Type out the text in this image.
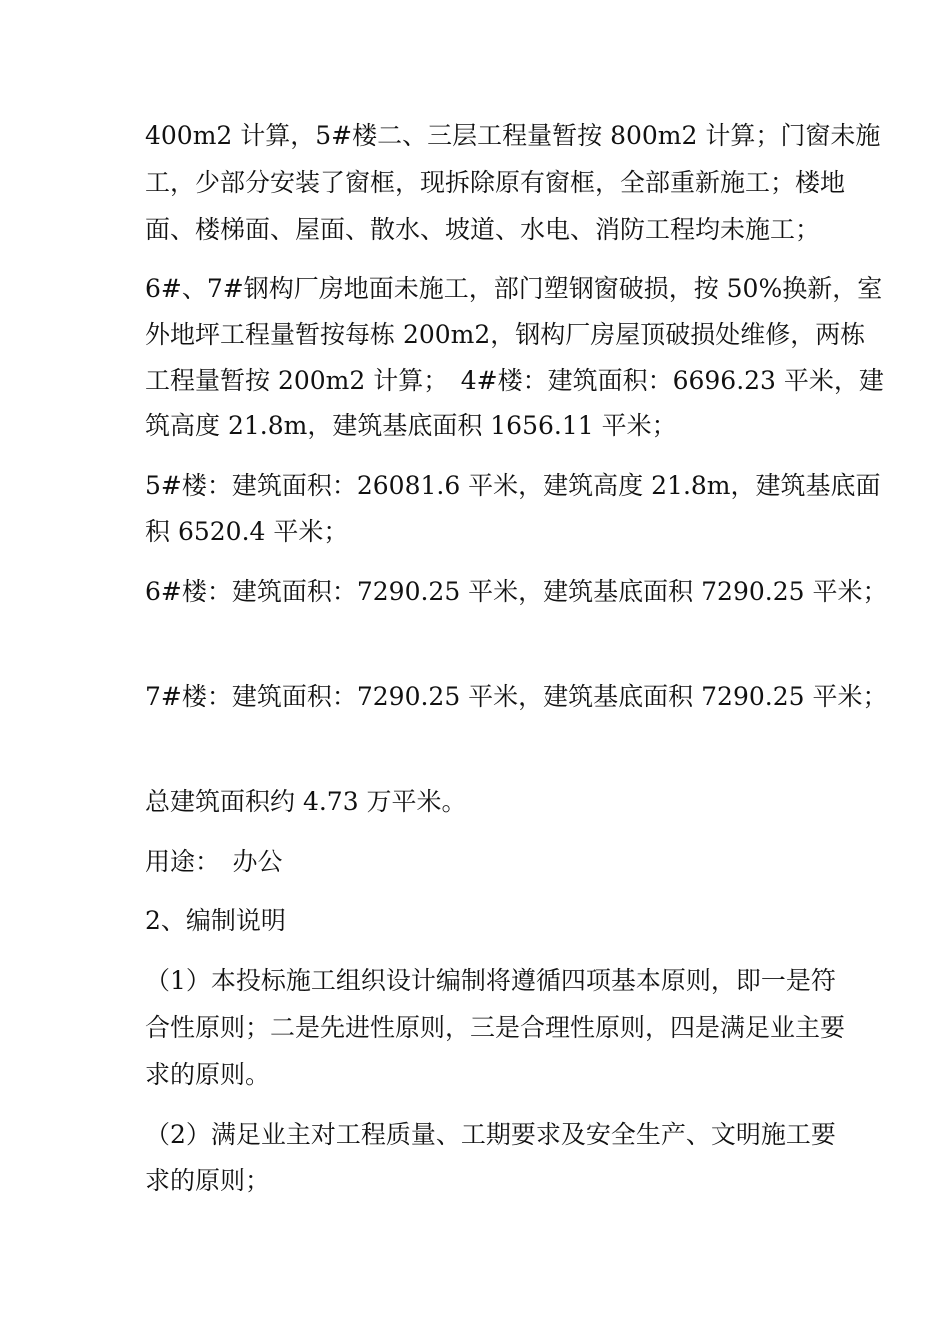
400m2 计算，5#楼二、三层工程量暂按 800m2 计算；门窗未施
工，少部分安装了窗框，现拆除原有窗框，全部重新施工；楼地
面、楼梯面、屋面、散水、坡道、水电、消防工程均未施工；
6#、7#钢构厂房地面未施工，部门塑钢窗破损，按 50%换新，室
外地坪工程量暂按每栋 200m2，钢构厂房屋顶破损处维修，两栋
工程量暂按 200m2 计算；　4#楼：建筑面积：6696.23 平米，建
筑高度 21.8m，建筑基底面积 1656.11 平米；
5#楼：建筑面积：26081.6 平米，建筑高度 21.8m，建筑基底面
积 6520.4 平米；
6#楼：建筑面积：7290.25 平米，建筑基底面积 7290.25 平米；
7#楼：建筑面积：7290.25 平米，建筑基底面积 7290.25 平米；
总建筑面积约 4.73 万平米。
用途：　办公
2、编制说明
（1）本投标施工组织设计编制将遵循四项基本原则，即一是符
合性原则；二是先进性原则，三是合理性原则，四是满足业主要
求的原则。
（2）满足业主对工程质量、工期要求及安全生产、文明施工要
求的原则；
